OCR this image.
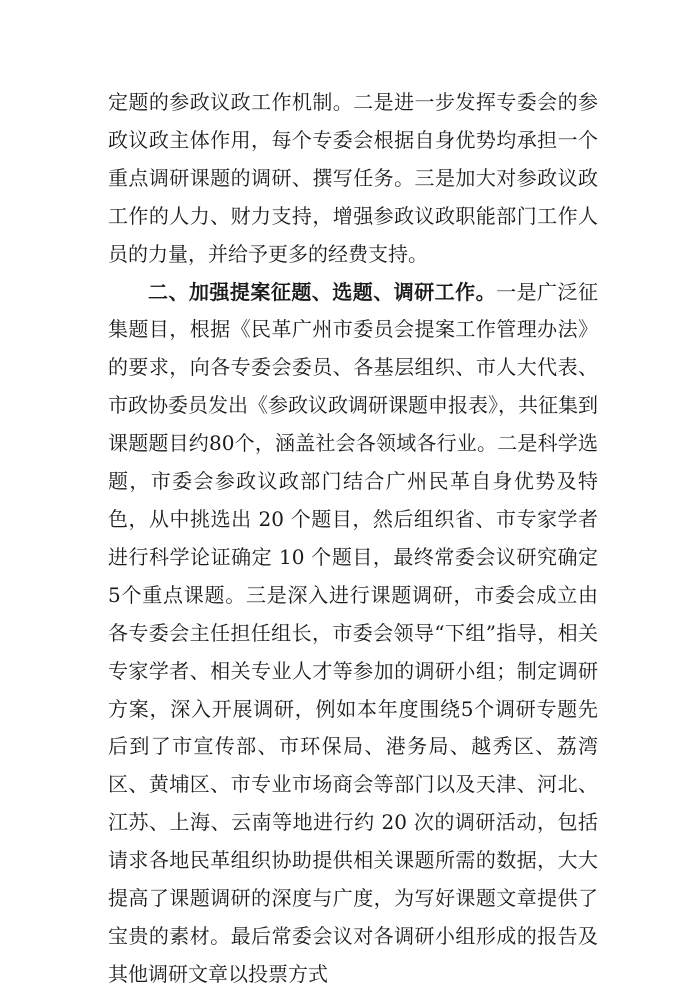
定题的参政议政工作机制。二是进一步发挥专委会的参政议政主体作用，每个专委会根据自身优势均承担一个重点调研课题的调研、撰写任务。三是加大对参政议政工作的人力、财力支持，增强参政议政职能部门工作人员的力量，并给予更多的经费支持。

二、加强提案征题、选题、调研工作。一是广泛征集题目，根据《民革广州市委员会提案工作管理办法》的要求，向各专委会委员、各基层组织、市人大代表、市政协委员发出《参政议政调研课题申报表》，共征集到课题题目约80个，涵盖社会各领域各行业。二是科学选题，市委会参政议政部门结合广州民革自身优势及特色，从中挑选出 20 个题目，然后组织省、市专家学者进行科学论证确定 10 个题目，最终常委会议研究确定5个重点课题。三是深入进行课题调研，市委会成立由各专委会主任担任组长，市委会领导“下组”指导，相关专家学者、相关专业人才等参加的调研小组；制定调研方案，深入开展调研，例如本年度围绕5个调研专题先后到了市宣传部、市环保局、港务局、越秀区、荔湾区、黄埔区、市专业市场商会等部门以及天津、河北、江苏、上海、云南等地进行约 20 次的调研活动，包括请求各地民革组织协助提供相关课题所需的数据，大大提高了课题调研的深度与广度，为写好课题文章提供了宝贵的素材。最后常委会议对各调研小组形成的报告及其他调研文章以投票方式
